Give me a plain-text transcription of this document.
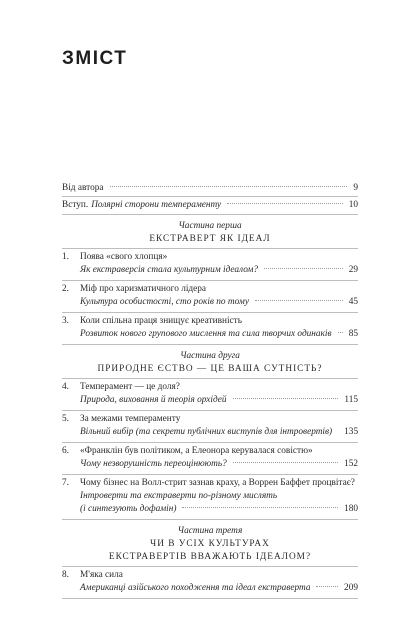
ЗМІСТ
Від автора	9
Вступ. Полярні сторони темпераменту	10
Частина перша
ЕКСТРАВЕРТ ЯК ІДЕАЛ
1. Поява «свого хлопця»
Як екстраверсія стала культурним ідеалом?	29
2. Міф про харизматичного лідера
Культура особистості, сто років по тому	45
3. Коли спільна праця знищує креативність
Розвиток нового групового мислення та сила творчих одинаків 85
Частина друга
ПРИРОДНЕ ЄСТВО — ЦЕ ВАША СУТНІСТЬ?
4. Темперамент — це доля?
Природа, виховання й теорія орхідей	115
5. За межами темпераменту
Вільний вибір (та секрети публічних виступів для інтровертів) 135
6. «Франклін був політиком, а Елеонора керувалася совістю»
Чому незворушність переоцінюють?	152
7. Чому бізнес на Волл-стрит зазнав краху, а Воррен Баффет процвітає?
Інтроверти та екстраверти по-різному мислять
(і синтезують дофамін)	180
Частина третя
ЧИ В УСІХ КУЛЬТУРАХ
ЕКСТРАВЕРТІВ ВВАЖАЮТЬ ІДЕАЛОМ?
8. М'яка сила
Американці азійського походження та ідеал екстраверта	209
